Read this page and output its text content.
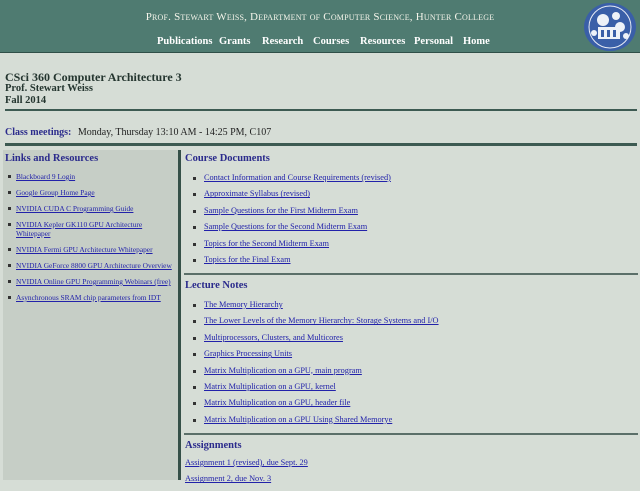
Prof. Stewart Weiss, Department of Computer Science, Hunter College
Publications Grants Research Courses Resources Personal Home
CSci 360 Computer Architecture 3
Prof. Stewart Weiss
Fall 2014
Class meetings: Monday, Thursday 13:10 AM - 14:25 PM, C107
Links and Resources
Blackboard 9 Login
Google Group Home Page
NVIDIA CUDA C Programming Guide
NVIDIA Kepler GK110 GPU Architecture Whitepaper
NVIDIA Fermi GPU Architecture Whitepaper
NVIDIA GeForce 8800 GPU Architecture Overview
NVIDIA Online GPU Programming Webinars (free)
Asynchronous SRAM chip parameters from IDT
Course Documents
Contact Information and Course Requirements (revised)
Approximate Syllabus (revised)
Sample Questions for the First Midterm Exam
Sample Questions for the Second Midterm Exam
Topics for the Second Midterm Exam
Topics for the Final Exam
Lecture Notes
The Memory Hierarchy
The Lower Levels of the Memory Hierarchy: Storage Systems and I/O
Multiprocessors, Clusters, and Multicores
Graphics Processing Units
Matrix Multiplication on a GPU, main program
Matrix Multiplication on a GPU, kernel
Matrix Multiplication on a GPU, header file
Matrix Multiplication on a GPU Using Shared Memorye
Assignments
Assignment 1 (revised), due Sept. 29
Assignment 2, due Nov. 3
